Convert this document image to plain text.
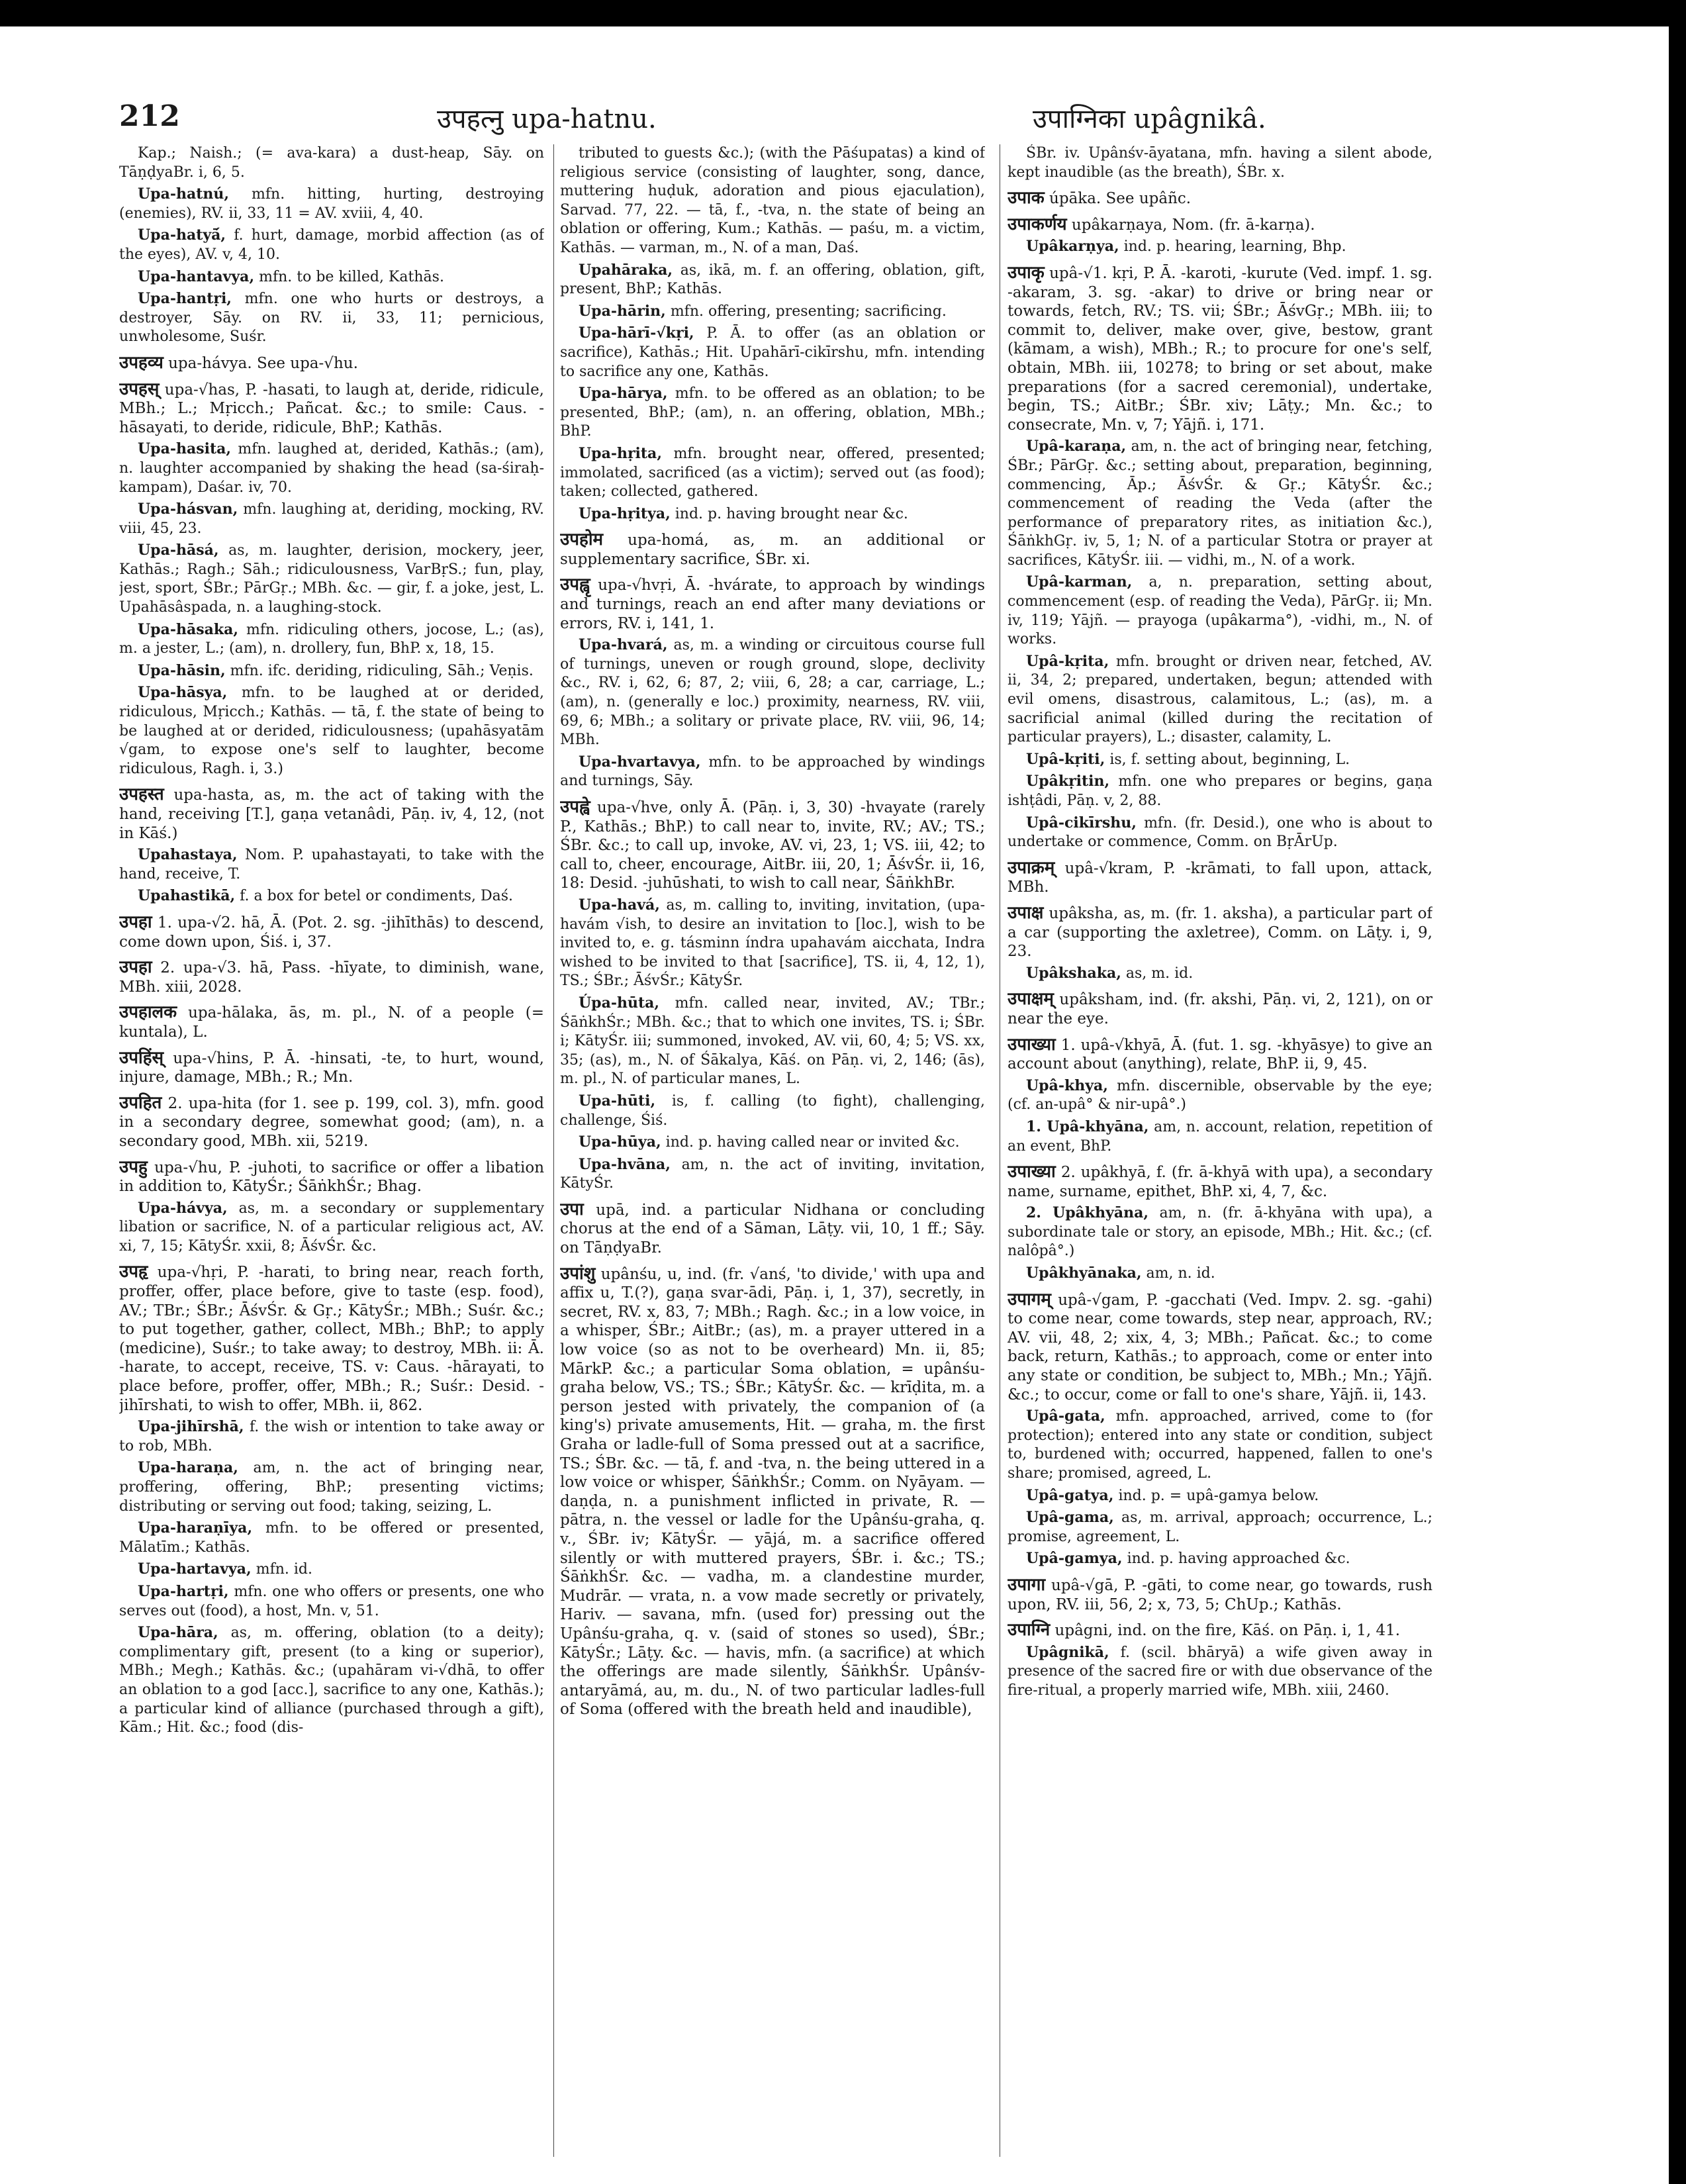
212	उपहत्नु upa-hatnu.	उपाग्निका upâgnikâ.

Kap.; Naish.; (= ava-kara) a dust-heap, Sāy. on TāṇḍyaBr. i, 6, 5.

Upa-hatnú, mfn. hitting, hurting, destroying (enemies), RV. ii, 33, 11 = AV. xviii, 4, 40.

Upa-hatyā́, f. hurt, damage, morbid affection (as of the eyes), AV. v, 4, 10.

Upa-hantavya, mfn. to be killed, Kathās.

Upa-hantṛi, mfn. one who hurts or destroys, a destroyer, Sāy. on RV. ii, 33, 11; pernicious, unwholesome, Suśr.

उपहव्य upa-hávya. See upa-√hu.

उपहस् upa-√has, P. -hasati, to laugh at, deride, ridicule, MBh.; L.; Mṛicch.; Pañcat. &c.; to smile: Caus. -hāsayati, to deride, ridicule, BhP.; Kathās.

Upa-hasita, mfn. laughed at, derided, Kathās.; (am), n. laughter accompanied by shaking the head (sa-śiraḥ-kampam), Daśar. iv, 70.

Upa-hásvan, mfn. laughing at, deriding, mocking, RV. viii, 45, 23.

Upa-hāsá, as, m. laughter, derision, mockery, jeer, Kathās.; Ragh.; Sāh.; ridiculousness, VarBṛS.; fun, play, jest, sport, ŚBr.; PārGṛ.; MBh. &c. — gir, f. a joke, jest, L. Upahāsâspada, n. a laughing-stock.

Upa-hāsaka, mfn. ridiculing others, jocose, L.; (as), m. a jester, L.; (am), n. drollery, fun, BhP. x, 18, 15.

Upa-hāsin, mfn. ifc. deriding, ridiculing, Sāh.; Veṇis.

Upa-hāsya, mfn. to be laughed at or derided, ridiculous, Mṛicch.; Kathās. — tā, f. the state of being to be laughed at or derided, ridiculousness; (upahāsyatām √gam, to expose one's self to laughter, become ridiculous, Ragh. i, 3.)

उपहस्त upa-hasta, as, m. the act of taking with the hand, receiving [T.], gaṇa vetanâdi, Pāṇ. iv, 4, 12, (not in Kāś.)

Upahastaya, Nom. P. upahastayati, to take with the hand, receive, T.

Upahastikā, f. a box for betel or condiments, Daś.

उपहा 1. upa-√2. hā, Ā. (Pot. 2. sg. -jihīthās) to descend, come down upon, Śiś. i, 37.

उपहा 2. upa-√3. hā, Pass. -hīyate, to diminish, wane, MBh. xiii, 2028.

उपहालक upa-hālaka, ās, m. pl., N. of a people (= kuntala), L.

उपहिंस् upa-√hins, P. Ā. -hinsati, -te, to hurt, wound, injure, damage, MBh.; R.; Mn.

उपहित 2. upa-hita (for 1. see p. 199, col. 3), mfn. good in a secondary degree, somewhat good; (am), n. a secondary good, MBh. xii, 5219.

उपहु upa-√hu, P. -juhoti, to sacrifice or offer a libation in addition to, KātyŚr.; ŚāṅkhŚr.; Bhag.

Upa-hávya, as, m. a secondary or supplementary libation or sacrifice, N. of a particular religious act, AV. xi, 7, 15; KātyŚr. xxii, 8; ĀśvŚr. &c.

उपहृ upa-√hṛi, P. -harati, to bring near, reach forth, proffer, offer, place before, give to taste (esp. food), AV.; TBr.; ŚBr.; ĀśvŚr. & Gṛ.; KātyŚr.; MBh.; Suśr. &c.; to put together, gather, collect, MBh.; BhP.; to apply (medicine), Suśr.; to take away; to destroy, MBh. ii: Ā. -harate, to accept, receive, TS. v: Caus. -hārayati, to place before, proffer, offer, MBh.; R.; Suśr.: Desid. -jihīrshati, to wish to offer, MBh. ii, 862.

Upa-jihīrshā, f. the wish or intention to take away or to rob, MBh.

Upa-haraṇa, am, n. the act of bringing near, proffering, offering, BhP.; presenting victims; distributing or serving out food; taking, seizing, L.

Upa-haraṇīya, mfn. to be offered or presented, Mālatīm.; Kathās.

Upa-hartavya, mfn. id.

Upa-hartṛi, mfn. one who offers or presents, one who serves out (food), a host, Mn. v, 51.

Upa-hāra, as, m. offering, oblation (to a deity); complimentary gift, present (to a king or superior), MBh.; Megh.; Kathās. &c.; (upahāram vi-√dhā, to offer an oblation to a god [acc.], sacrifice to any one, Kathās.); a particular kind of alliance (purchased through a gift), Kām.; Hit. &c.; food (dis-

tributed to guests &c.); (with the Pāśupatas) a kind of religious service (consisting of laughter, song, dance, muttering huḍuk, adoration and pious ejaculation), Sarvad. 77, 22. — tā, f., -tva, n. the state of being an oblation or offering, Kum.; Kathās. — paśu, m. a victim, Kathās. — varman, m., N. of a man, Daś.

Upahāraka, as, ikā, m. f. an offering, oblation, gift, present, BhP.; Kathās.

Upa-hārin, mfn. offering, presenting; sacrificing.

Upa-hārī-√kṛi, P. Ā. to offer (as an oblation or sacrifice), Kathās.; Hit. Upahārī-cikīrshu, mfn. intending to sacrifice any one, Kathās.

Upa-hārya, mfn. to be offered as an oblation; to be presented, BhP.; (am), n. an offering, oblation, MBh.; BhP.

Upa-hṛita, mfn. brought near, offered, presented; immolated, sacrificed (as a victim); served out (as food); taken; collected, gathered.

Upa-hṛitya, ind. p. having brought near &c.

उपहोम upa-homá, as, m. an additional or supplementary sacrifice, ŚBr. xi.

उपह्वृ upa-√hvṛi, Ā. -hvárate, to approach by windings and turnings, reach an end after many deviations or errors, RV. i, 141, 1.

Upa-hvará, as, m. a winding or circuitous course full of turnings, uneven or rough ground, slope, declivity &c., RV. i, 62, 6; 87, 2; viii, 6, 28; a car, carriage, L.; (am), n. (generally e loc.) proximity, nearness, RV. viii, 69, 6; MBh.; a solitary or private place, RV. viii, 96, 14; MBh.

Upa-hvartavya, mfn. to be approached by windings and turnings, Sāy.

उपह्वे upa-√hve, only Ā. (Pāṇ. i, 3, 30) -hvayate (rarely P., Kathās.; BhP.) to call near to, invite, RV.; AV.; TS.; ŚBr. &c.; to call up, invoke, AV. vi, 23, 1; VS. iii, 42; to call to, cheer, encourage, AitBr. iii, 20, 1; ĀśvŚr. ii, 16, 18: Desid. -juhūshati, to wish to call near, ŚāṅkhBr.

Upa-havá, as, m. calling to, inviting, invitation, (upa-havám √ish, to desire an invitation to [loc.], wish to be invited to, e. g. tásminn índra upahavám aicchata, Indra wished to be invited to that [sacrifice], TS. ii, 4, 12, 1), TS.; ŚBr.; ĀśvŚr.; KātyŚr.

Úpa-hūta, mfn. called near, invited, AV.; TBr.; ŚāṅkhŚr.; MBh. &c.; that to which one invites, TS. i; ŚBr. i; KātyŚr. iii; summoned, invoked, AV. vii, 60, 4; 5; VS. xx, 35; (as), m., N. of Śākalya, Kāś. on Pāṇ. vi, 2, 146; (ās), m. pl., N. of particular manes, L.

Upa-hūti, is, f. calling (to fight), challenging, challenge, Śiś.

Upa-hūya, ind. p. having called near or invited &c.

Upa-hvāna, am, n. the act of inviting, invitation, KātyŚr.

उपा upā, ind. a particular Nidhana or concluding chorus at the end of a Sāman, Lāṭy. vii, 10, 1 ff.; Sāy. on TāṇḍyaBr.

उपांशु upânśu, u, ind. (fr. √anś, 'to divide,' with upa and affix u, T.(?), gaṇa svar-ādi, Pāṇ. i, 1, 37), secretly, in secret, RV. x, 83, 7; MBh.; Ragh. &c.; in a low voice, in a whisper, ŚBr.; AitBr.; (as), m. a prayer uttered in a low voice (so as not to be overheard) Mn. ii, 85; MārkP. &c.; a particular Soma oblation, = upânśu-graha below, VS.; TS.; ŚBr.; KātyŚr. &c. — krīḍita, m. a person jested with privately, the companion of (a king's) private amusements, Hit. — graha, m. the first Graha or ladle-full of Soma pressed out at a sacrifice, TS.; ŚBr. &c. — tā, f. and -tva, n. the being uttered in a low voice or whisper, ŚāṅkhŚr.; Comm. on Nyāyam. — daṇḍa, n. a punishment inflicted in private, R. — pātra, n. the vessel or ladle for the Upânśu-graha, q. v., ŚBr. iv; KātyŚr. — yājá, m. a sacrifice offered silently or with muttered prayers, ŚBr. i. &c.; TS.; ŚāṅkhŚr. &c. — vadha, m. a clandestine murder, Mudrār. — vrata, n. a vow made secretly or privately, Hariv. — savana, mfn. (used for) pressing out the Upânśu-graha, q. v. (said of stones so used), ŚBr.; KātyŚr.; Lāṭy. &c. — havis, mfn. (a sacrifice) at which the offerings are made silently, ŚāṅkhŚr. Upânśv-antaryāmá, au, m. du., N. of two particular ladles-full of Soma (offered with the breath held and inaudible),

ŚBr. iv. Upânśv-āyatana, mfn. having a silent abode, kept inaudible (as the breath), ŚBr. x.

उपाक úpāka. See upâñc.

उपाकर्णय upâkarṇaya, Nom. (fr. ā-karṇa).

Upâkarṇya, ind. p. hearing, learning, Bhp.

उपाकृ upâ-√1. kṛi, P. Ā. -karoti, -kurute (Ved. impf. 1. sg. -akaram, 3. sg. -akar) to drive or bring near or towards, fetch, RV.; TS. vii; ŚBr.; ĀśvGṛ.; MBh. iii; to commit to, deliver, make over, give, bestow, grant (kāmam, a wish), MBh.; R.; to procure for one's self, obtain, MBh. iii, 10278; to bring or set about, make preparations (for a sacred ceremonial), undertake, begin, TS.; AitBr.; ŚBr. xiv; Lāṭy.; Mn. &c.; to consecrate, Mn. v, 7; Yājñ. i, 171.

Upâ-karaṇa, am, n. the act of bringing near, fetching, ŚBr.; PārGṛ. &c.; setting about, preparation, beginning, commencing, Āp.; ĀśvŚr. & Gṛ.; KātyŚr. &c.; commencement of reading the Veda (after the performance of preparatory rites, as initiation &c.), ŚāṅkhGṛ. iv, 5, 1; N. of a particular Stotra or prayer at sacrifices, KātyŚr. iii. — vidhi, m., N. of a work.

Upâ-karman, a, n. preparation, setting about, commencement (esp. of reading the Veda), PārGṛ. ii; Mn. iv, 119; Yājñ. — prayoga (upâkarma°), -vidhi, m., N. of works.

Upâ-kṛita, mfn. brought or driven near, fetched, AV. ii, 34, 2; prepared, undertaken, begun; attended with evil omens, disastrous, calamitous, L.; (as), m. a sacrificial animal (killed during the recitation of particular prayers), L.; disaster, calamity, L.

Upâ-kṛiti, is, f. setting about, beginning, L.

Upâkṛitin, mfn. one who prepares or begins, gaṇa ishṭâdi, Pāṇ. v, 2, 88.

Upâ-cikīrshu, mfn. (fr. Desid.), one who is about to undertake or commence, Comm. on BṛĀrUp.

उपाक्रम् upâ-√kram, P. -krāmati, to fall upon, attack, MBh.

उपाक्ष upâksha, as, m. (fr. 1. aksha), a particular part of a car (supporting the axletree), Comm. on Lāṭy. i, 9, 23.

Upâkshaka, as, m. id.

उपाक्षम् upâksham, ind. (fr. akshi, Pāṇ. vi, 2, 121), on or near the eye.

उपाख्या 1. upâ-√khyā, Ā. (fut. 1. sg. -khyāsye) to give an account about (anything), relate, BhP. ii, 9, 45.

Upâ-khya, mfn. discernible, observable by the eye; (cf. an-upâ° & nir-upâ°.)

1. Upâ-khyāna, am, n. account, relation, repetition of an event, BhP.

उपाख्या 2. upâkhyā, f. (fr. ā-khyā with upa), a secondary name, surname, epithet, BhP. xi, 4, 7, &c.

2. Upâkhyāna, am, n. (fr. ā-khyāna with upa), a subordinate tale or story, an episode, MBh.; Hit. &c.; (cf. nalôpâ°.)

Upâkhyānaka, am, n. id.

उपागम् upâ-√gam, P. -gacchati (Ved. Impv. 2. sg. -gahi) to come near, come towards, step near, approach, RV.; AV. vii, 48, 2; xix, 4, 3; MBh.; Pañcat. &c.; to come back, return, Kathās.; to approach, come or enter into any state or condition, be subject to, MBh.; Mn.; Yājñ. &c.; to occur, come or fall to one's share, Yājñ. ii, 143.

Upâ-gata, mfn. approached, arrived, come to (for protection); entered into any state or condition, subject to, burdened with; occurred, happened, fallen to one's share; promised, agreed, L.

Upâ-gatya, ind. p. = upâ-gamya below.

Upâ-gama, as, m. arrival, approach; occurrence, L.; promise, agreement, L.

Upâ-gamya, ind. p. having approached &c.

उपागा upâ-√gā, P. -gāti, to come near, go towards, rush upon, RV. iii, 56, 2; x, 73, 5; ChUp.; Kathās.

उपाग्नि upâgni, ind. on the fire, Kāś. on Pāṇ. i, 1, 41.

Upâgnikā, f. (scil. bhāryā) a wife given away in presence of the sacred fire or with due observance of the fire-ritual, a properly married wife, MBh. xiii, 2460.
